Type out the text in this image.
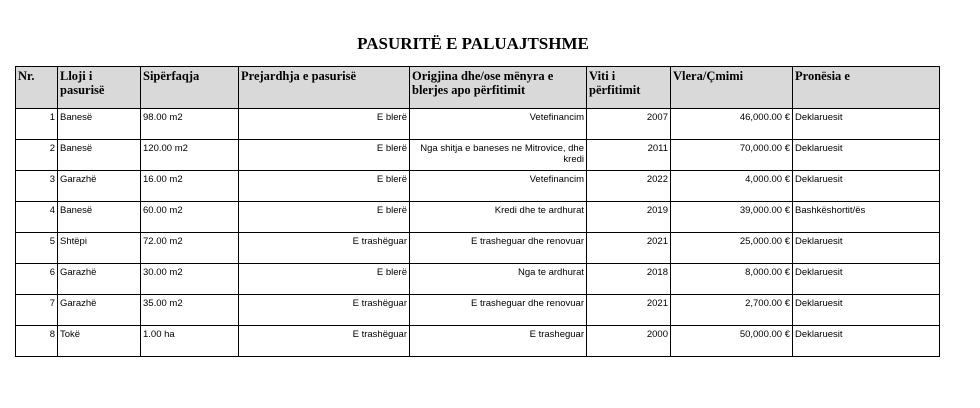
PASURITË E PALUAJTSHME
Nr.	Lloji i pasurisë	Sipërfaqja	Prejardhja e pasurisë	Origjina dhe/ose mënyra e blerjes apo përfitimit	Viti i përfitimit	Vlera/Çmimi	Pronësia e
1	Banesë	98.00 m2	E blerë	Vetefinancim	2007	46,000.00 €	Deklaruesit
2	Banesë	120.00 m2	E blerë	Nga shitja e baneses ne Mitrovice, dhe kredi	2011	70,000.00 €	Deklaruesit
3	Garazhë	16.00 m2	E blerë	Vetefinancim	2022	4,000.00 €	Deklaruesit
4	Banesë	60.00 m2	E blerë	Kredi dhe te ardhurat	2019	39,000.00 €	Bashkëshortit/ës
5	Shtëpi	72.00 m2	E trashëguar	E trasheguar dhe renovuar	2021	25,000.00 €	Deklaruesit
6	Garazhë	30.00 m2	E blerë	Nga te ardhurat	2018	8,000.00 €	Deklaruesit
7	Garazhë	35.00 m2	E trashëguar	E trasheguar dhe renovuar	2021	2,700.00 €	Deklaruesit
8	Tokë	1.00 ha	E trashëguar	E trasheguar	2000	50,000.00 €	Deklaruesit
